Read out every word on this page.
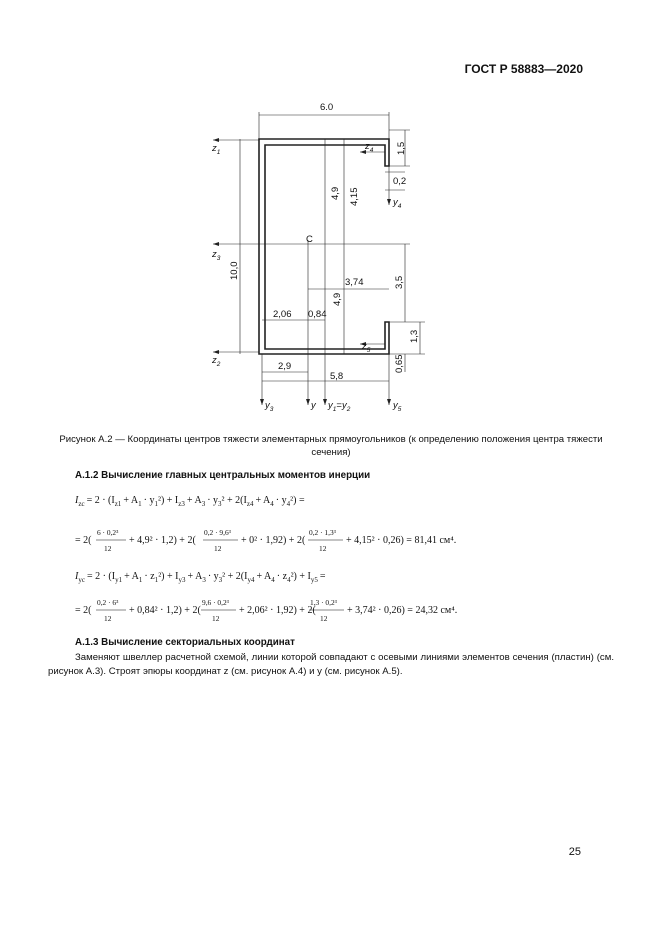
ГОСТ Р 58883—2020
6.0
10,0
1,5
0,2
4,9 4,15
3,5
3,74
4,9
2,06 0,84
1,3
0,65
2,9
5,8
C
$z_1$
$z_3$
$z_2$
$z_4$
$z_5$
$y_4$
$y_3$	y $y_1=y_2$	$y_5$
Рисунок А.2 — Координаты центров тяжести элементарных прямоугольников (к определению положения центра тяжести сечения)
А.1.2 Вычисление главных центральных моментов инерции
$I_{zc} = 2 \cdot (I_{z1} + A_1 \cdot y_1^2) + I_{z3} + A_3 \cdot y_3^2 + 2(I_{z4} + A_4 \cdot y_4^2)$ =
= 2(
6 · 0,2³
12
+ 4,9² · 1,2) + 2(
0,2 · 9,6³
12
+ 0² · 1,92) + 2(
0,2 · 1,3³
12
+ 4,15² · 0,26) = 81,41 см⁴.
$I_{yc} = 2 \cdot (I_{y1} + A_1 \cdot z_1^2) + I_{y3} + A_3 \cdot y_3^2 + 2(I_{y4} + A_4 \cdot z_4^2) + I_y5$ =
= 2(
0,2 · 6³
12
+ 0,84² · 1,2) + 2(
9,6 · 0,2³
12
+ 2,06² · 1,92) + 2(
1,3 · 0,2³
12
+ 3,74² · 0,26) = 24,32 см⁴.
А.1.3 Вычисление секториальных координат
Заменяют швеллер расчетной схемой, линии которой совпадают с осевыми линиями элементов сечения (пластин) (см. рисунок А.3). Строят эпюры координат z (см. рисунок А.4) и y (см. рисунок А.5).
25
